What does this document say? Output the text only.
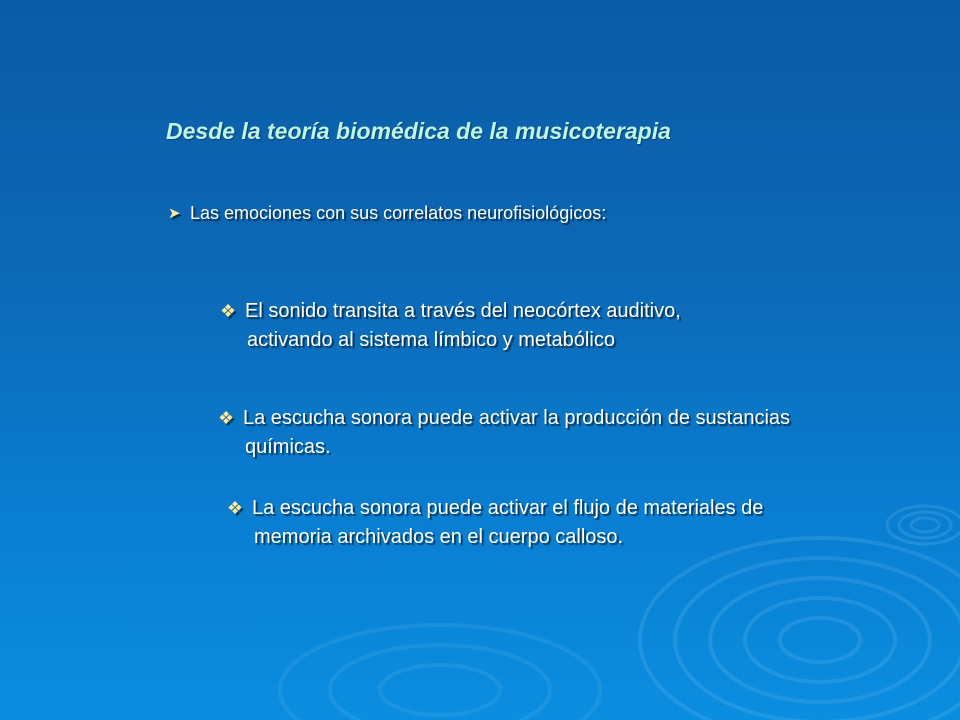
Desde la teoría biomédica de la musicoterapia
➤ Las emociones con sus correlatos neurofisiológicos:
❖ El sonido transita a través del neocórtex auditivo,
activando al sistema límbico y metabólico
❖ La escucha sonora puede activar la producción de sustancias
químicas.
❖ La escucha sonora puede activar el flujo de materiales de
memoria archivados en el cuerpo calloso.
